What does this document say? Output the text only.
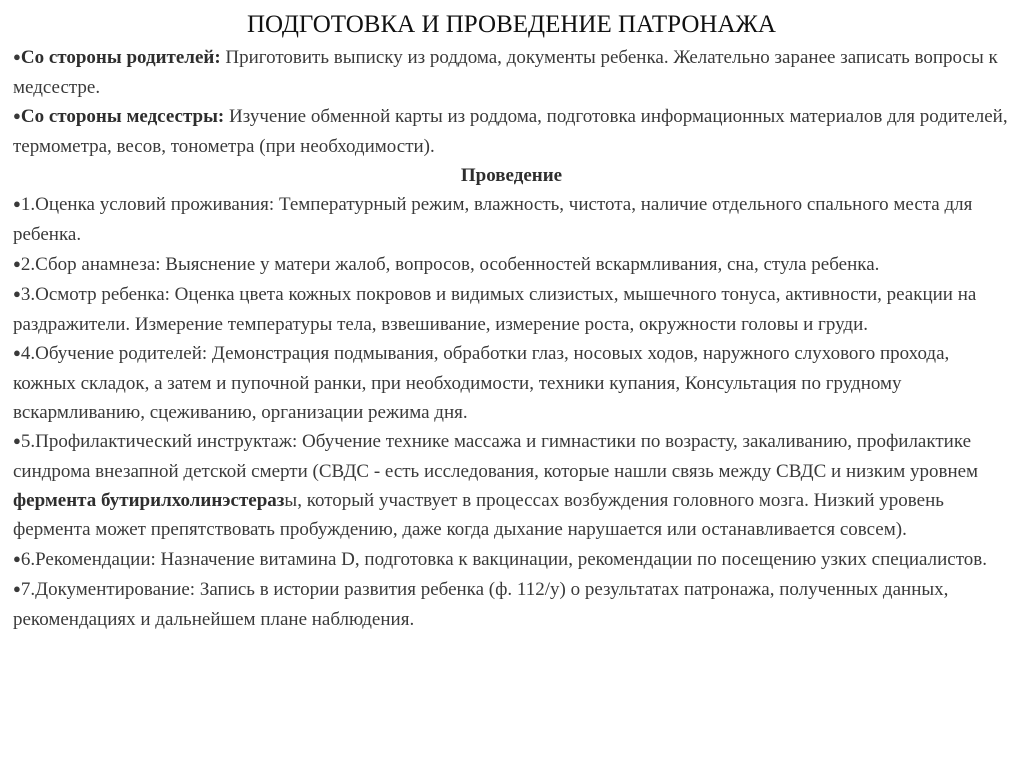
ПОДГОТОВКА И ПРОВЕДЕНИЕ ПАТРОНАЖА

●Со стороны родителей: Приготовить выписку из роддома, документы ребенка. Желательно заранее записать вопросы к медсестре.

●Со стороны медсестры: Изучение обменной карты из роддома, подготовка информационных материалов для родителей, термометра, весов, тонометра (при необходимости).

Проведение

●1.Оценка условий проживания: Температурный режим, влажность, чистота, наличие отдельного спального места для ребенка.

●2.Сбор анамнеза: Выяснение у матери жалоб, вопросов, особенностей вскармливания, сна, стула ребенка.

●3.Осмотр ребенка: Оценка цвета кожных покровов и видимых слизистых, мышечного тонуса, активности, реакции на раздражители. Измерение температуры тела, взвешивание, измерение роста, окружности головы и груди.

●4.Обучение родителей: Демонстрация подмывания, обработки глаз, носовых ходов, наружного слухового прохода, кожных складок, а затем и пупочной ранки, при необходимости, техники купания, Консультация по грудному вскармливанию, сцеживанию, организации режима дня.

●5.Профилактический инструктаж: Обучение технике массажа и гимнастики по возрасту, закаливанию, профилактике синдрома внезапной детской смерти (СВДС - есть исследования, которые нашли связь между СВДС и низким уровнем фермента бутирилхолинэстеразы, который участвует в процессах возбуждения головного мозга. Низкий уровень фермента может препятствовать пробуждению, даже когда дыхание нарушается или останавливается совсем).

●6.Рекомендации: Назначение витамина D, подготовка к вакцинации, рекомендации по посещению узких специалистов.

●7.Документирование: Запись в истории развития ребенка (ф. 112/у) о результатах патронажа, полученных данных, рекомендациях и дальнейшем плане наблюдения.
